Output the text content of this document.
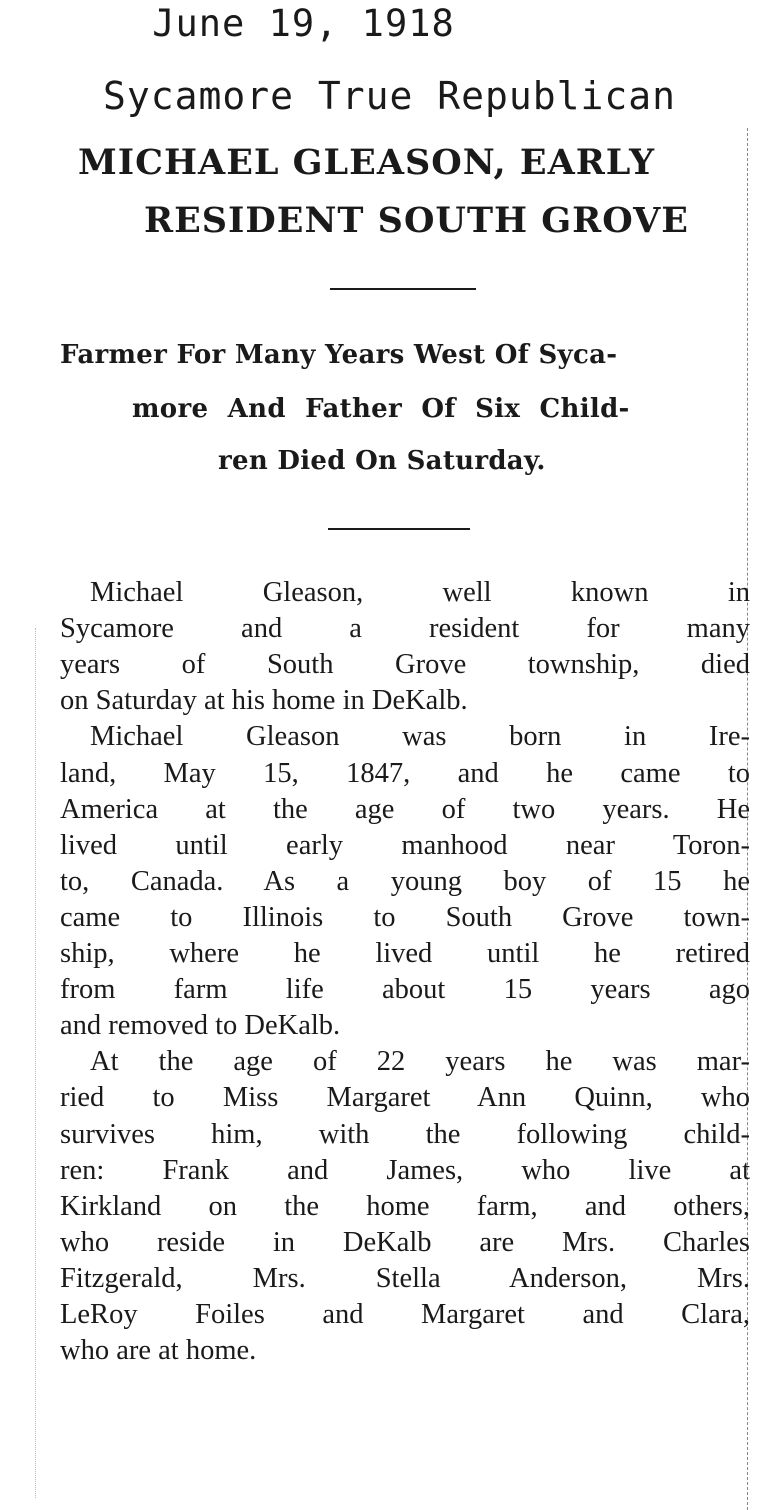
June 19, 1918
Sycamore True Republican
MICHAEL GLEASON, EARLY
RESIDENT SOUTH GROVE
Farmer For Many Years West Of Syca-
more And Father Of Six Child-
ren Died On Saturday.
Michael Gleason, well known in
Sycamore and a resident for many
years of South Grove township, died
on Saturday at his home in DeKalb.
Michael Gleason was born in Ire-
land, May 15, 1847, and he came to
America at the age of two years. He
lived until early manhood near Toron-
to, Canada. As a young boy of 15 he
came to Illinois to South Grove town-
ship, where he lived until he retired
from farm life about 15 years ago
and removed to DeKalb.
At the age of 22 years he was mar-
ried to Miss Margaret Ann Quinn, who
survives him, with the following child-
ren: Frank and James, who live at
Kirkland on the home farm, and others,
who reside in DeKalb are Mrs. Charles
Fitzgerald, Mrs. Stella Anderson, Mrs.
LeRoy Foiles and Margaret and Clara,
who are at home.
